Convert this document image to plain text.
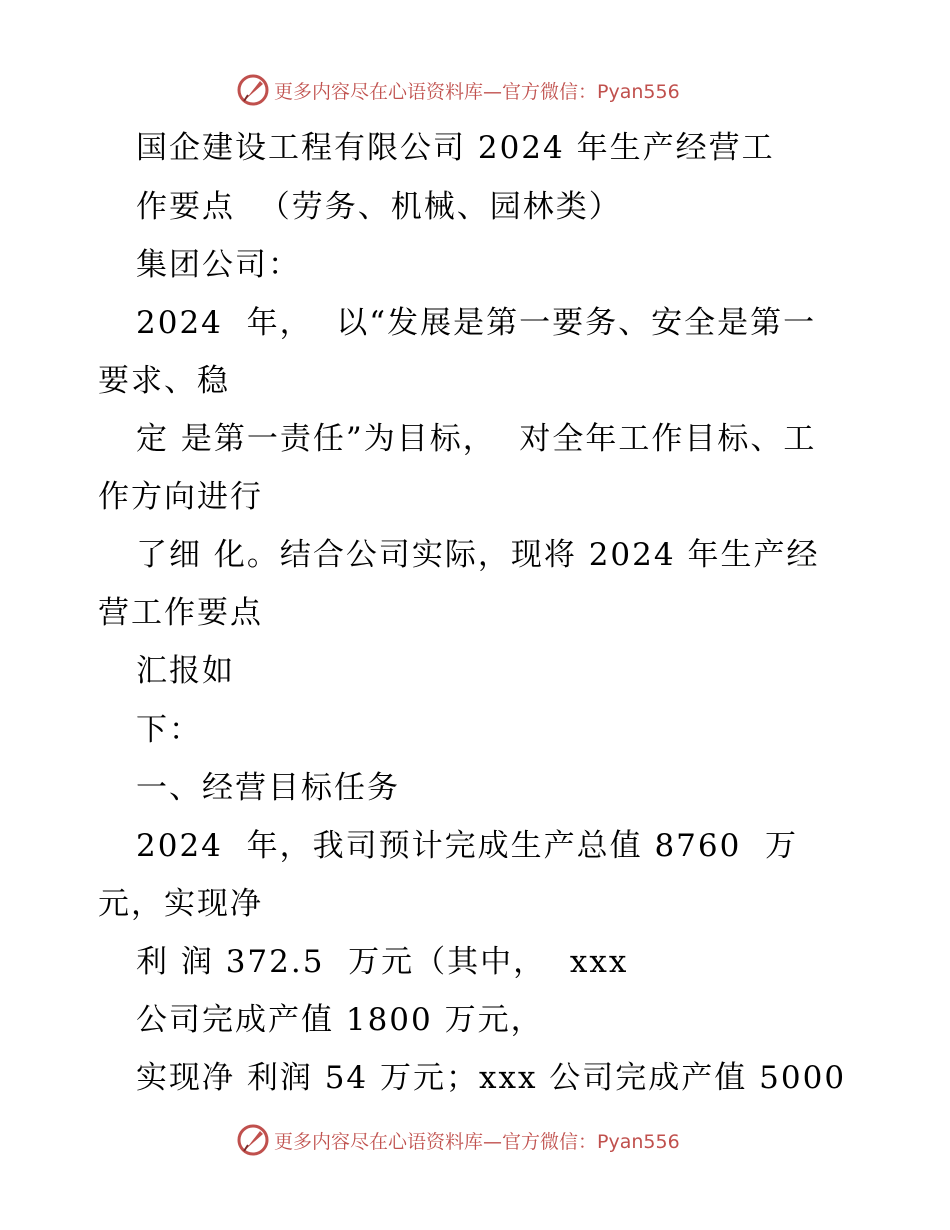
更多内容尽在心语资料库—官方微信：Pyan556
国企建设工程有限公司 2024 年生产经营工
作要点  （劳务、机械、园林类）
集团公司：
2024  年，  以“发展是第一要务、安全是第一
要求、稳
定 是第一责任”为目标，  对全年工作目标、工
作方向进行
了细 化。结合公司实际，现将 2024 年生产经
营工作要点
汇报如
下：
一、经营目标任务
2024  年，我司预计完成生产总值 8760  万
元，实现净
利 润 372.5  万元（其中，  xxx
公司完成产值 1800 万元，
实现净 利润 54 万元；xxx 公司完成产值 5000
更多内容尽在心语资料库—官方微信：Pyan556
